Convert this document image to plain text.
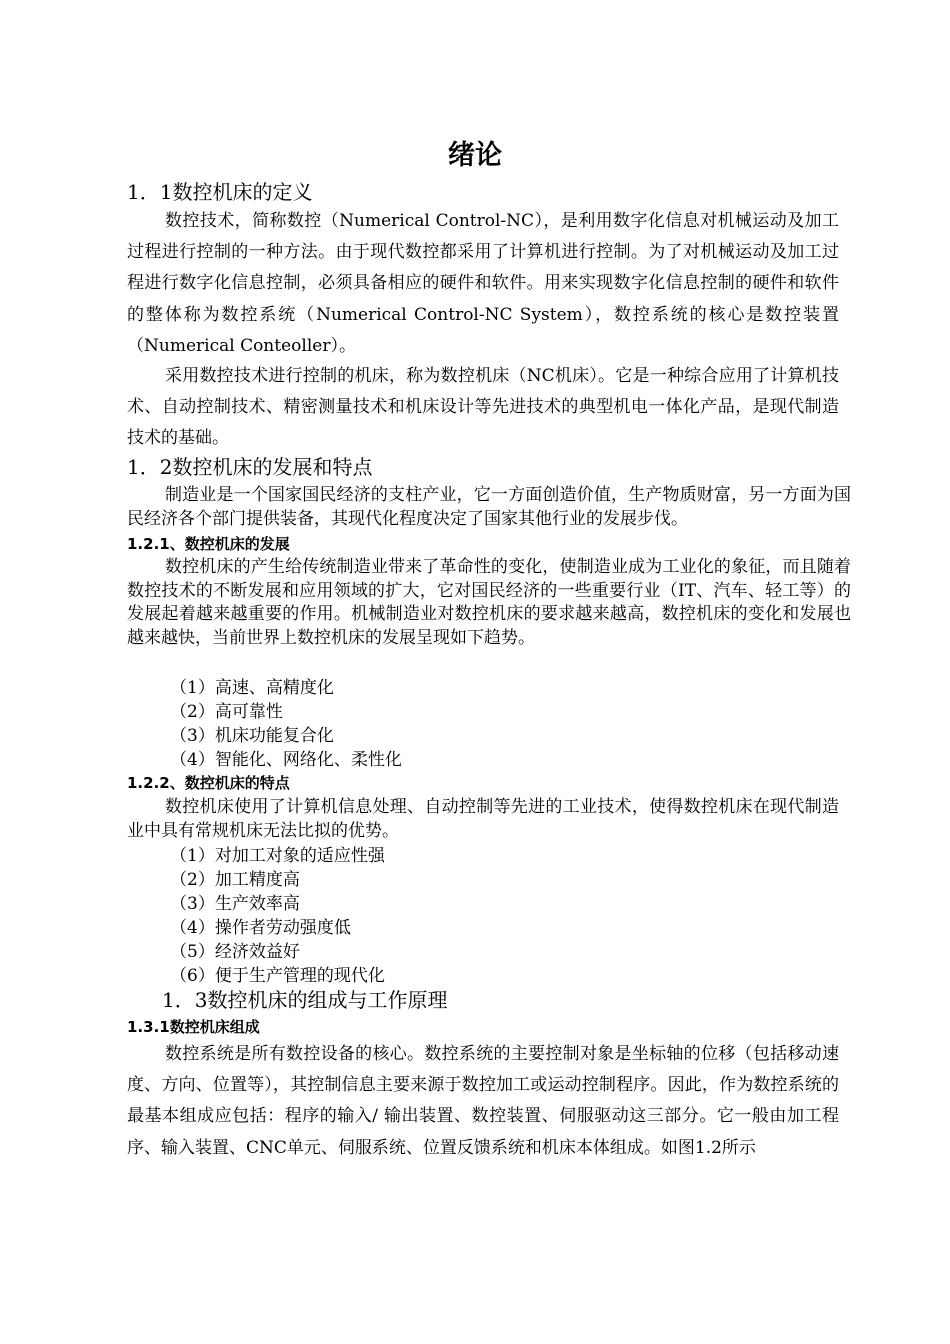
绪论
1．1数控机床的定义

数控技术，简称数控（Numerical Control-NC），是利用数字化信息对机械运动及加工过程进行控制的一种方法。由于现代数控都采用了计算机进行控制。为了对机械运动及加工过程进行数字化信息控制，必须具备相应的硬件和软件。用来实现数字化信息控制的硬件和软件的整体称为数控系统（Numerical Control-NC System），数控系统的核心是数控装置（Numerical Conteoller）。

采用数控技术进行控制的机床，称为数控机床（NC机床）。它是一种综合应用了计算机技术、自动控制技术、精密测量技术和机床设计等先进技术的典型机电一体化产品，是现代制造技术的基础。

1．2数控机床的发展和特点

制造业是一个国家国民经济的支柱产业，它一方面创造价值，生产物质财富，另一方面为国民经济各个部门提供装备，其现代化程度决定了国家其他行业的发展步伐。

1.2.1、数控机床的发展

数控机床的产生给传统制造业带来了革命性的变化，使制造业成为工业化的象征，而且随着数控技术的不断发展和应用领域的扩大，它对国民经济的一些重要行业（IT、汽车、轻工等）的发展起着越来越重要的作用。机械制造业对数控机床的要求越来越高，数控机床的变化和发展也越来越快，当前世界上数控机床的发展呈现如下趋势。

（1）高速、高精度化
（2）高可靠性
（3）机床功能复合化
（4）智能化、网络化、柔性化
1.2.2、数控机床的特点

数控机床使用了计算机信息处理、自动控制等先进的工业技术，使得数控机床在现代制造业中具有常规机床无法比拟的优势。

（1）对加工对象的适应性强
（2）加工精度高
（3）生产效率高
（4）操作者劳动强度低
（5）经济效益好
（6）便于生产管理的现代化
1．3数控机床的组成与工作原理
1.3.1数控机床组成

数控系统是所有数控设备的核心。数控系统的主要控制对象是坐标轴的位移（包括移动速度、方向、位置等），其控制信息主要来源于数控加工或运动控制程序。因此，作为数控系统的最基本组成应包括：程序的输入/ 输出装置、数控装置、伺服驱动这三部分。它一般由加工程序、输入装置、CNC单元、伺服系统、位置反馈系统和机床本体组成。如图1.2所示
